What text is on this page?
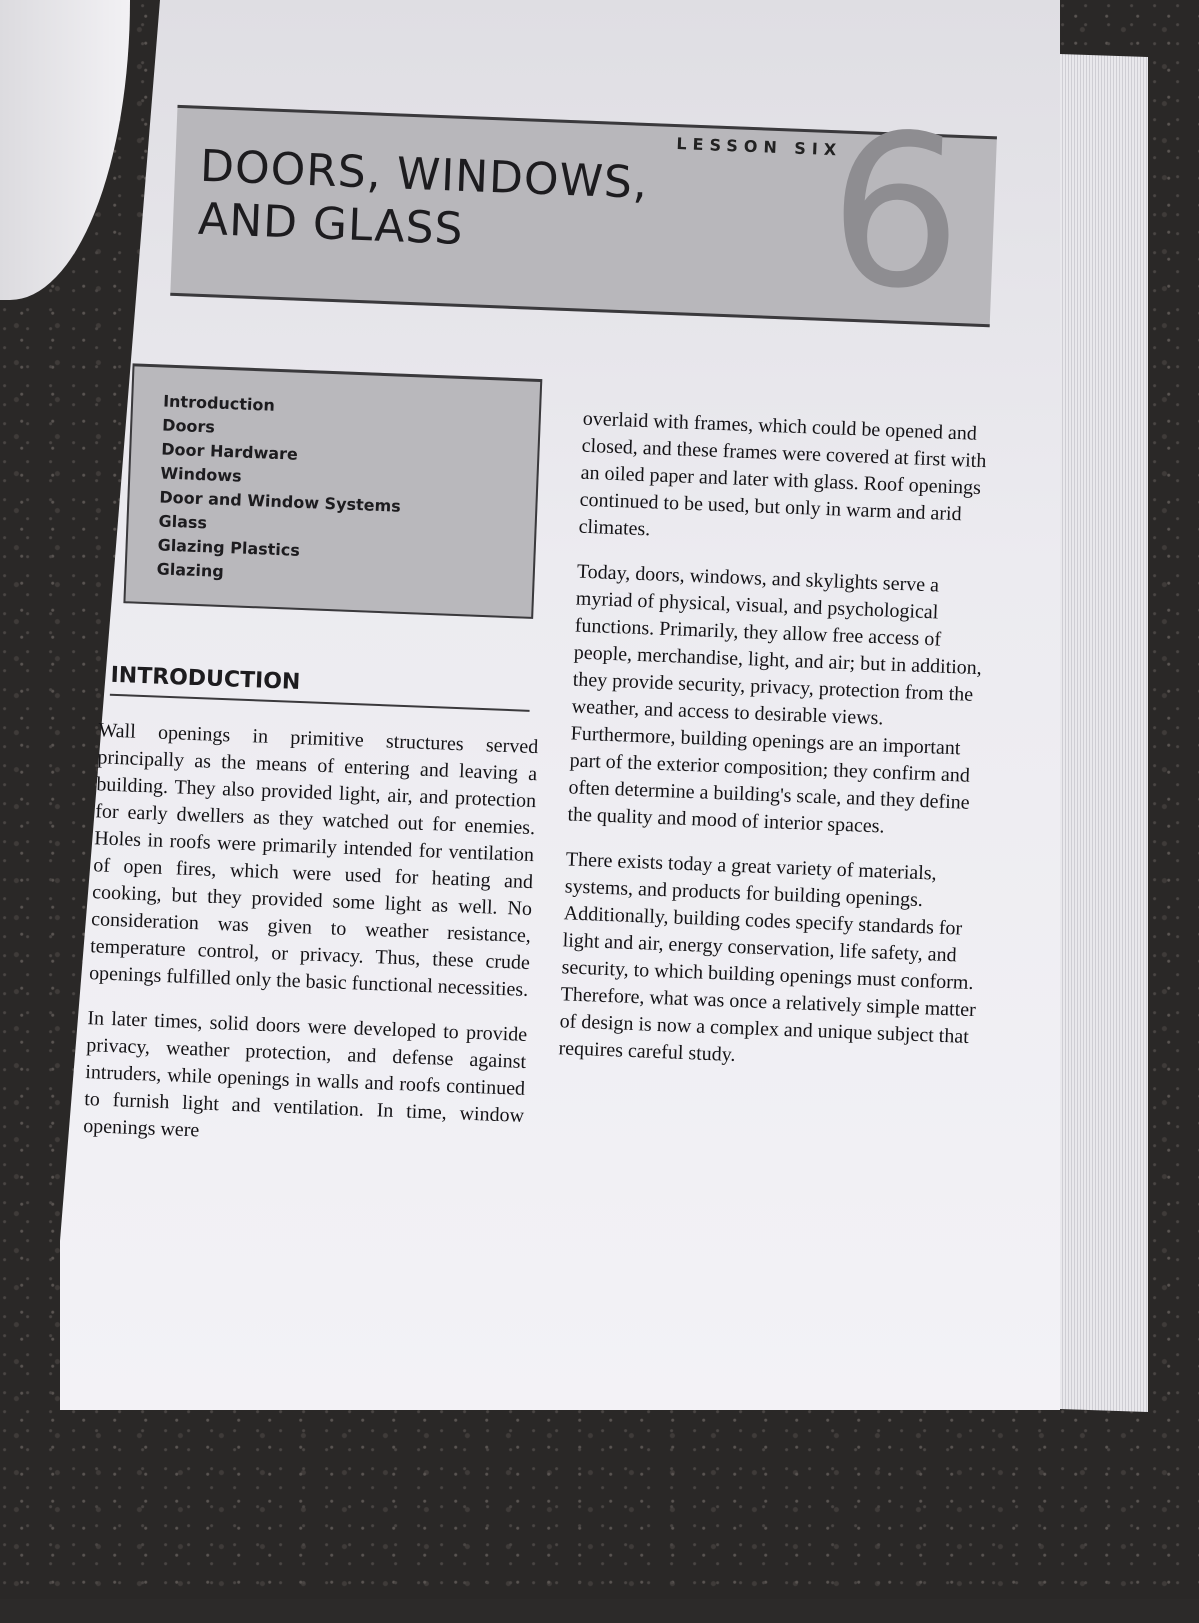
6
LESSON SIX
DOORS, WINDOWS,
AND GLASS
Introduction
Doors
Door Hardware
Windows
Door and Window Systems
Glass
Glazing Plastics
Glazing
INTRODUCTION

Wall openings in primitive structures served principally as the means of entering and leaving a building. They also provided light, air, and protection for early dwellers as they watched out for enemies. Holes in roofs were primarily intended for ventilation of open fires, which were used for heating and cooking, but they provided some light as well. No consideration was given to weather resistance, temperature control, or privacy. Thus, these crude openings fulfilled only the basic functional necessities.

In later times, solid doors were developed to provide privacy, weather protection, and defense against intruders, while openings in walls and roofs continued to furnish light and ventilation. In time, window openings were

overlaid with frames, which could be opened and closed, and these frames were covered at first with an oiled paper and later with glass. Roof openings continued to be used, but only in warm and arid climates.

Today, doors, windows, and skylights serve a myriad of physical, visual, and psychological functions. Primarily, they allow free access of people, merchandise, light, and air; but in addition, they provide security, privacy, protection from the weather, and access to desirable views. Furthermore, building openings are an important part of the exterior composition; they confirm and often determine a building's scale, and they define the quality and mood of interior spaces.

There exists today a great variety of materials, systems, and products for building openings. Additionally, building codes specify standards for light and air, energy conservation, life safety, and security, to which building openings must conform. Therefore, what was once a relatively simple matter of design is now a complex and unique subject that requires careful study.
